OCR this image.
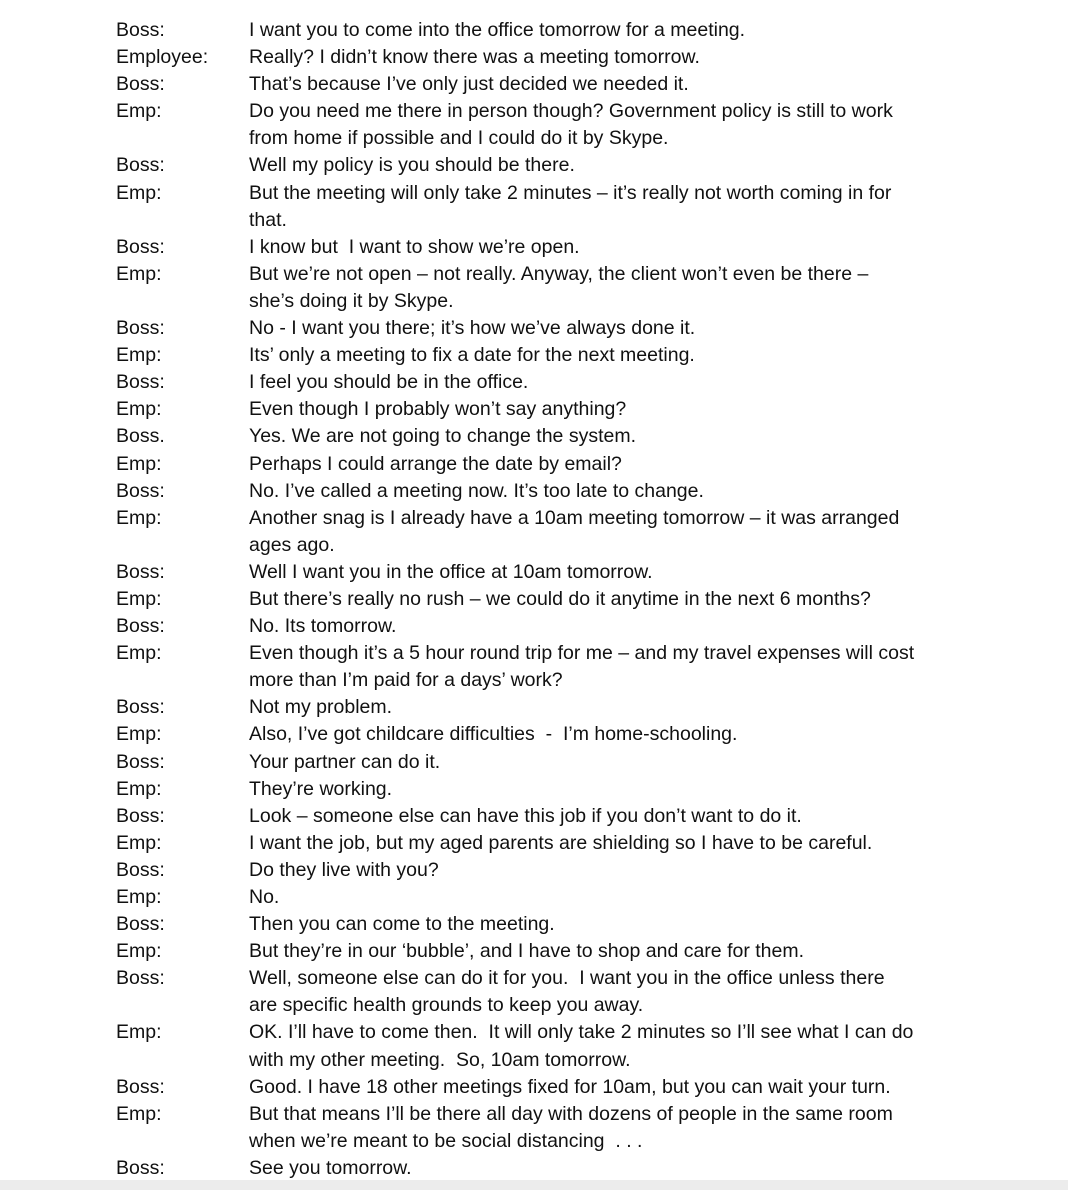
Boss:	I want you to come into the office tomorrow for a meeting.
Employee:	Really? I didn’t know there was a meeting tomorrow.
Boss:	That’s because I’ve only just decided we needed it.
Emp:	Do you need me there in person though? Government policy is still to work
from home if possible and I could do it by Skype.
Boss:	Well my policy is you should be there.
Emp:	But the meeting will only take 2 minutes – it’s really not worth coming in for
that.
Boss:	I know but  I want to show we’re open.
Emp:	But we’re not open – not really. Anyway, the client won’t even be there –
she’s doing it by Skype.
Boss:	No - I want you there; it’s how we’ve always done it.
Emp:	Its’ only a meeting to fix a date for the next meeting.
Boss:	I feel you should be in the office.
Emp:	Even though I probably won’t say anything?
Boss.	Yes. We are not going to change the system.
Emp:	Perhaps I could arrange the date by email?
Boss:	No. I’ve called a meeting now. It’s too late to change.
Emp:	Another snag is I already have a 10am meeting tomorrow – it was arranged
ages ago.
Boss:	Well I want you in the office at 10am tomorrow.
Emp:	But there’s really no rush – we could do it anytime in the next 6 months?
Boss:	No. Its tomorrow.
Emp:	Even though it’s a 5 hour round trip for me – and my travel expenses will cost
more than I’m paid for a days’ work?
Boss:	Not my problem.
Emp:	Also, I’ve got childcare difficulties  -  I’m home-schooling.
Boss:	Your partner can do it.
Emp:	They’re working.
Boss:	Look – someone else can have this job if you don’t want to do it.
Emp:	I want the job, but my aged parents are shielding so I have to be careful.
Boss:	Do they live with you?
Emp:	No.
Boss:	Then you can come to the meeting.
Emp:	But they’re in our ‘bubble’, and I have to shop and care for them.
Boss:	Well, someone else can do it for you.  I want you in the office unless there
are specific health grounds to keep you away.
Emp:	OK. I’ll have to come then.  It will only take 2 minutes so I’ll see what I can do
with my other meeting.  So, 10am tomorrow.
Boss:	Good. I have 18 other meetings fixed for 10am, but you can wait your turn.
Emp:	But that means I’ll be there all day with dozens of people in the same room
when we’re meant to be social distancing  . . .
Boss:	See you tomorrow.
